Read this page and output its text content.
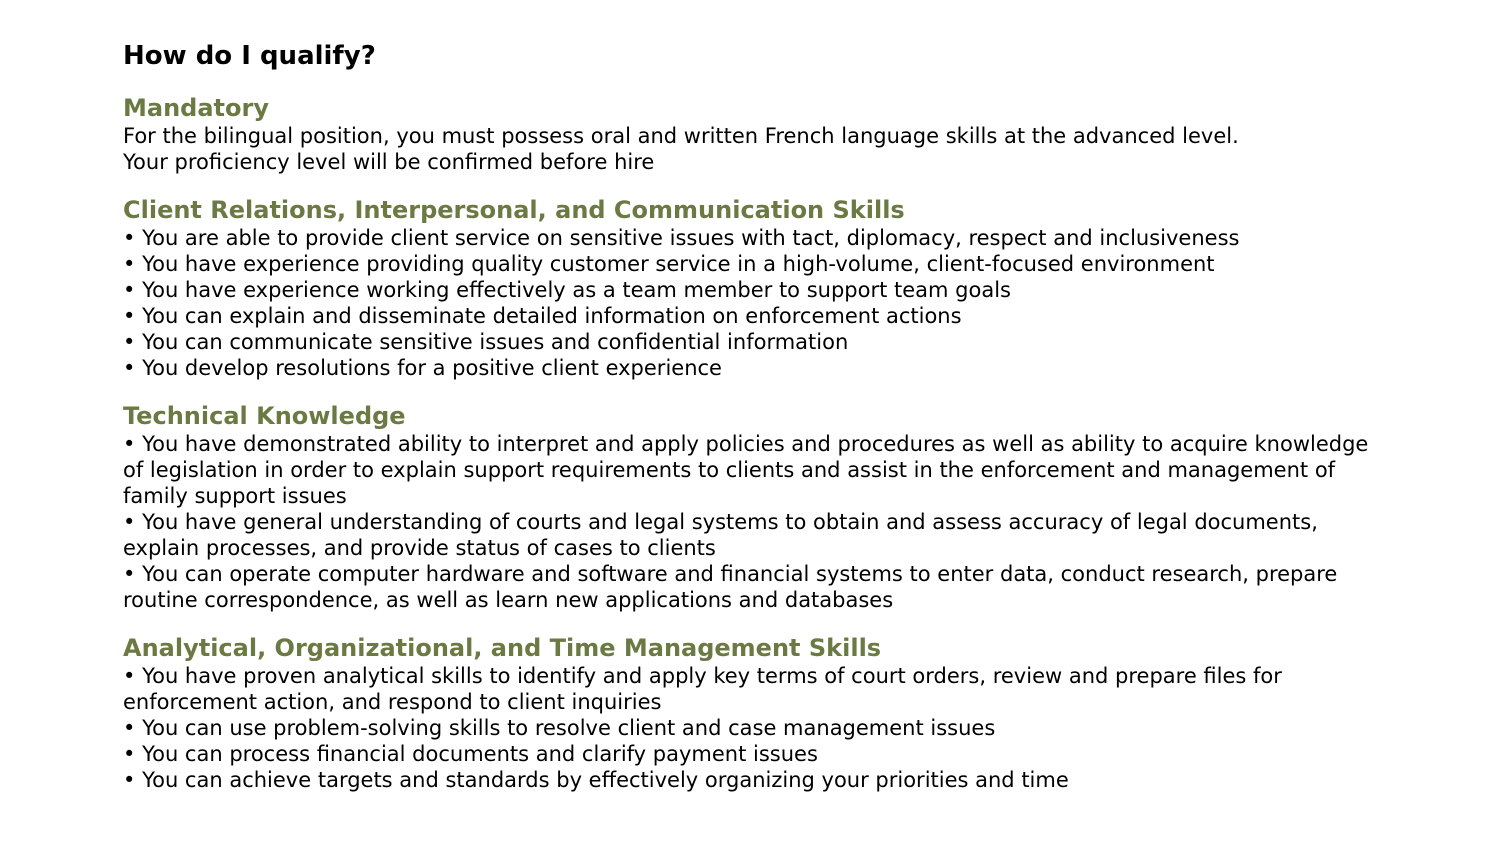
How do I qualify?
Mandatory

For the bilingual position, you must possess oral and written French language skills at the advanced level.

Your proficiency level will be confirmed before hire

Client Relations, Interpersonal, and Communication Skills

• You are able to provide client service on sensitive issues with tact, diplomacy, respect and inclusiveness

• You have experience providing quality customer service in a high-volume, client-focused environment

• You have experience working effectively as a team member to support team goals

• You can explain and disseminate detailed information on enforcement actions

• You can communicate sensitive issues and confidential information

• You develop resolutions for a positive client experience

Technical Knowledge

• You have demonstrated ability to interpret and apply policies and procedures as well as ability to acquire knowledge of legislation in order to explain support requirements to clients and assist in the enforcement and management of family support issues

• You have general understanding of courts and legal systems to obtain and assess accuracy of legal documents, explain processes, and provide status of cases to clients

• You can operate computer hardware and software and financial systems to enter data, conduct research, prepare routine correspondence, as well as learn new applications and databases

Analytical, Organizational, and Time Management Skills

• You have proven analytical skills to identify and apply key terms of court orders, review and prepare files for enforcement action, and respond to client inquiries

• You can use problem-solving skills to resolve client and case management issues

• You can process financial documents and clarify payment issues

• You can achieve targets and standards by effectively organizing your priorities and time
